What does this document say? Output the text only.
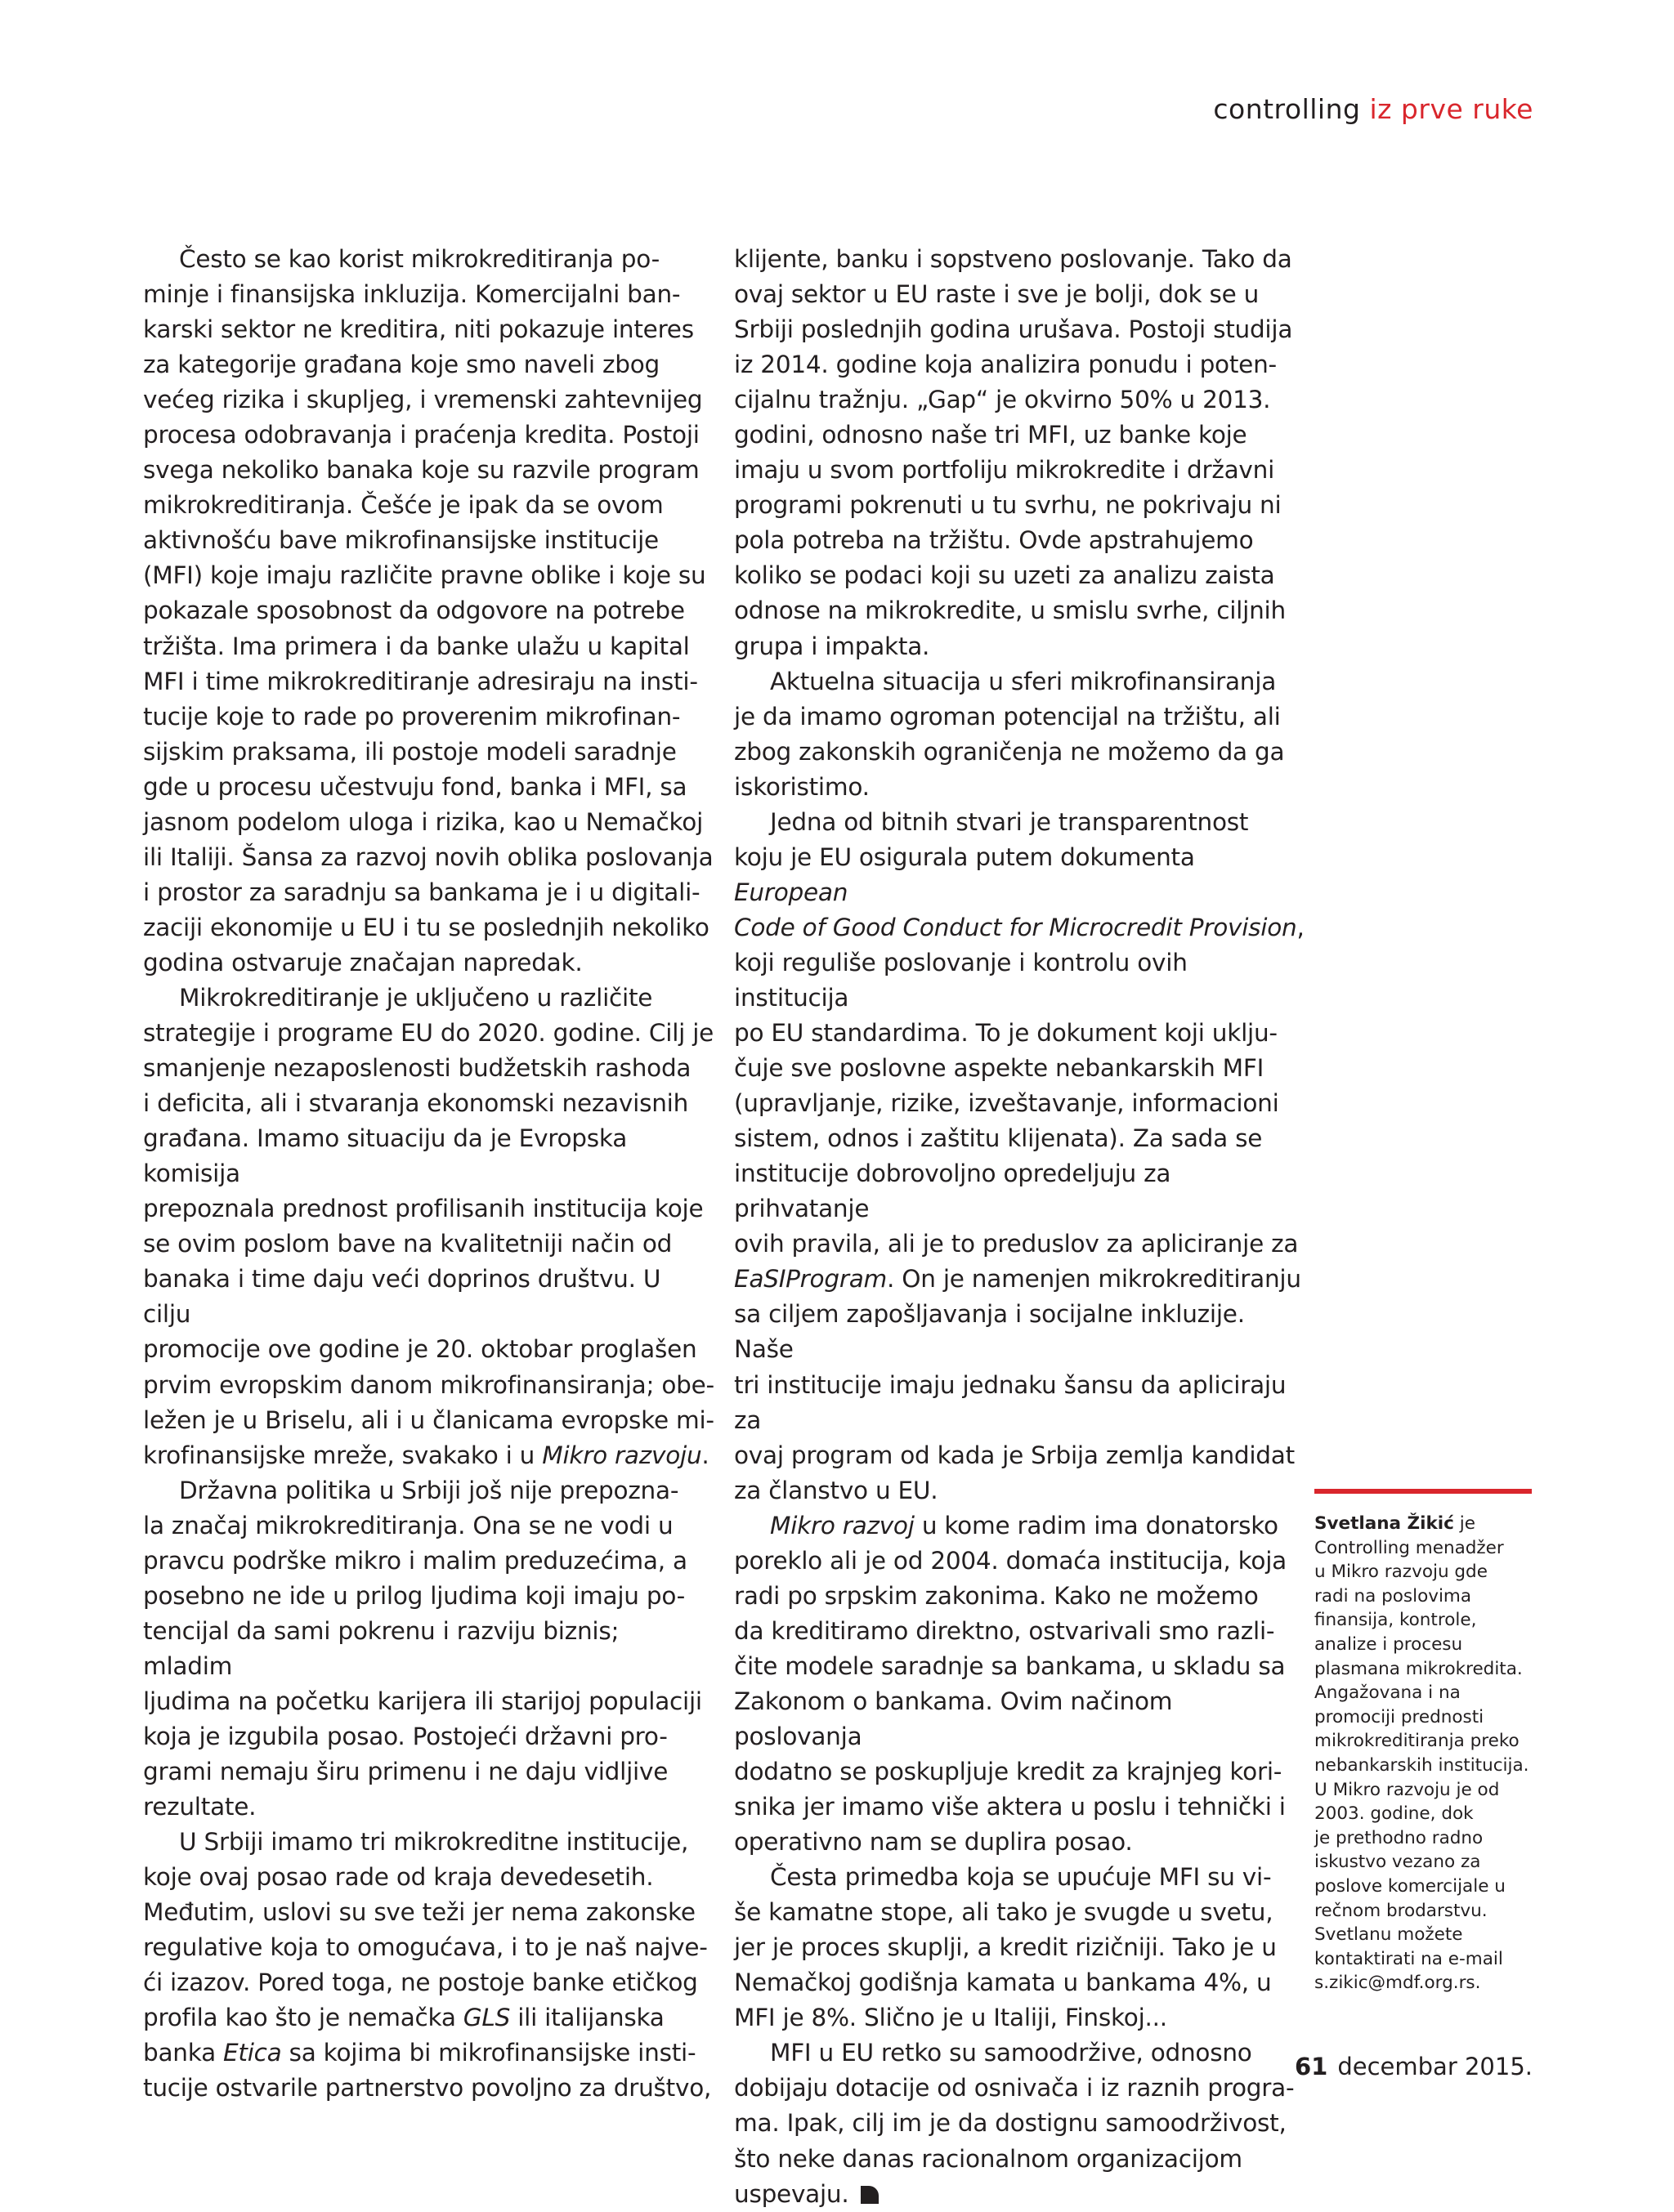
controlling iz prve ruke

Često se kao korist mikrokreditiranja po-
minje i finansijska inkluzija. Komercijalni ban-
karski sektor ne kreditira, niti pokazuje interes
za kategorije građana koje smo naveli zbog
većeg rizika i skupljeg, i vremenski zahtevnijeg
procesa odobravanja i praćenja kredita. Postoji
svega nekoliko banaka koje su razvile program
mikrokreditiranja. Češće je ipak da se ovom
aktivnošću bave mikrofinansijske institucije
(MFI) koje imaju različite pravne oblike i koje su
pokazale sposobnost da odgovore na potrebe
tržišta. Ima primera i da banke ulažu u kapital
MFI i time mikrokreditiranje adresiraju na insti-
tucije koje to rade po proverenim mikrofinan-
sijskim praksama, ili postoje modeli saradnje
gde u procesu učestvuju fond, banka i MFI, sa
jasnom podelom uloga i rizika, kao u Nemačkoj
ili Italiji. Šansa za razvoj novih oblika poslovanja
i prostor za saradnju sa bankama je i u digitali-
zaciji ekonomije u EU i tu se poslednjih nekoliko
godina ostvaruje značajan napredak.

Mikrokreditiranje je uključeno u različite
strategije i programe EU do 2020. godine. Cilj je
smanjenje nezaposlenosti budžetskih rashoda
i deficita, ali i stvaranja ekonomski nezavisnih
građana. Imamo situaciju da je Evropska komisija
prepoznala prednost profilisanih institucija koje
se ovim poslom bave na kvalitetniji način od
banaka i time daju veći doprinos društvu. U cilju
promocije ove godine je 20. oktobar proglašen
prvim evropskim danom mikrofinansiranja; obe-
ležen je u Briselu, ali i u članicama evropske mi-
krofinansijske mreže, svakako i u Mikro razvoju.

Državna politika u Srbiji još nije prepozna-
la značaj mikrokreditiranja. Ona se ne vodi u
pravcu podrške mikro i malim preduzećima, a
posebno ne ide u prilog ljudima koji imaju po-
tencijal da sami pokrenu i razviju biznis; mladim
ljudima na početku karijera ili starijoj populaciji
koja je izgubila posao. Postojeći državni pro-
grami nemaju širu primenu i ne daju vidljive
rezultate.

U Srbiji imamo tri mikrokreditne institucije,
koje ovaj posao rade od kraja devedesetih.
Međutim, uslovi su sve teži jer nema zakonske
regulative koja to omogućava, i to je naš najve-
ći izazov. Pored toga, ne postoje banke etičkog
profila kao što je nemačka GLS ili italijanska
banka Etica sa kojima bi mikrofinansijske insti-
tucije ostvarile partnerstvo povoljno za društvo,

klijente, banku i sopstveno poslovanje. Tako da
ovaj sektor u EU raste i sve je bolji, dok se u
Srbiji poslednjih godina urušava. Postoji studija
iz 2014. godine koja analizira ponudu i poten-
cijalnu tražnju. „Gap“ je okvirno 50% u 2013.
godini, odnosno naše tri MFI, uz banke koje
imaju u svom portfoliju mikrokredite i državni
programi pokrenuti u tu svrhu, ne pokrivaju ni
pola potreba na tržištu. Ovde apstrahujemo
koliko se podaci koji su uzeti za analizu zaista
odnose na mikrokredite, u smislu svrhe, ciljnih
grupa i impakta.

Aktuelna situacija u sferi mikrofinansiranja
je da imamo ogroman potencijal na tržištu, ali
zbog zakonskih ograničenja ne možemo da ga
iskoristimo.

Jedna od bitnih stvari je transparentnost
koju je EU osigurala putem dokumenta European
Code of Good Conduct for Microcredit Provision,
koji reguliše poslovanje i kontrolu ovih institucija
po EU standardima. To je dokument koji uklju-
čuje sve poslovne aspekte nebankarskih MFI
(upravljanje, rizike, izveštavanje, informacioni
sistem, odnos i zaštitu klijenata). Za sada se
institucije dobrovoljno opredeljuju za prihvatanje
ovih pravila, ali je to preduslov za apliciranje za
EaSIProgram. On je namenjen mikrokreditiranju
sa ciljem zapošljavanja i socijalne inkluzije. Naše
tri institucije imaju jednaku šansu da apliciraju za
ovaj program od kada je Srbija zemlja kandidat
za članstvo u EU.

Mikro razvoj u kome radim ima donatorsko
poreklo ali je od 2004. domaća institucija, koja
radi po srpskim zakonima. Kako ne možemo
da kreditiramo direktno, ostvarivali smo razli-
čite modele saradnje sa bankama, u skladu sa
Zakonom o bankama. Ovim načinom poslovanja
dodatno se poskupljuje kredit za krajnjeg kori-
snika jer imamo više aktera u poslu i tehnički i
operativno nam se duplira posao.

Česta primedba koja se upućuje MFI su vi-
še kamatne stope, ali tako je svugde u svetu,
jer je proces skuplji, a kredit rizičniji. Tako je u
Nemačkoj godišnja kamata u bankama 4%, u
MFI je 8%. Slično je u Italiji, Finskoj...

MFI u EU retko su samoodržive, odnosno
dobijaju dotacije od osnivača i iz raznih progra-
ma. Ipak, cilj im je da dostignu samoodrživost,
što neke danas racionalnom organizacijom
uspevaju.

Svetlana Žikić je
Controlling menadžer
u Mikro razvoju gde
radi na poslovima
finansija, kontrole,
analize i procesu
plasmana mikrokredita.
Angažovana i na
promociji prednosti
mikrokreditiranja preko
nebankarskih institucija.
U Mikro razvoju je od
2003. godine, dok
je prethodno radno
iskustvo vezano za
poslove komercijale u
rečnom brodarstvu.
Svetlanu možete
kontaktirati na e-mail
s.zikic@mdf.org.rs.

61 decembar 2015.
